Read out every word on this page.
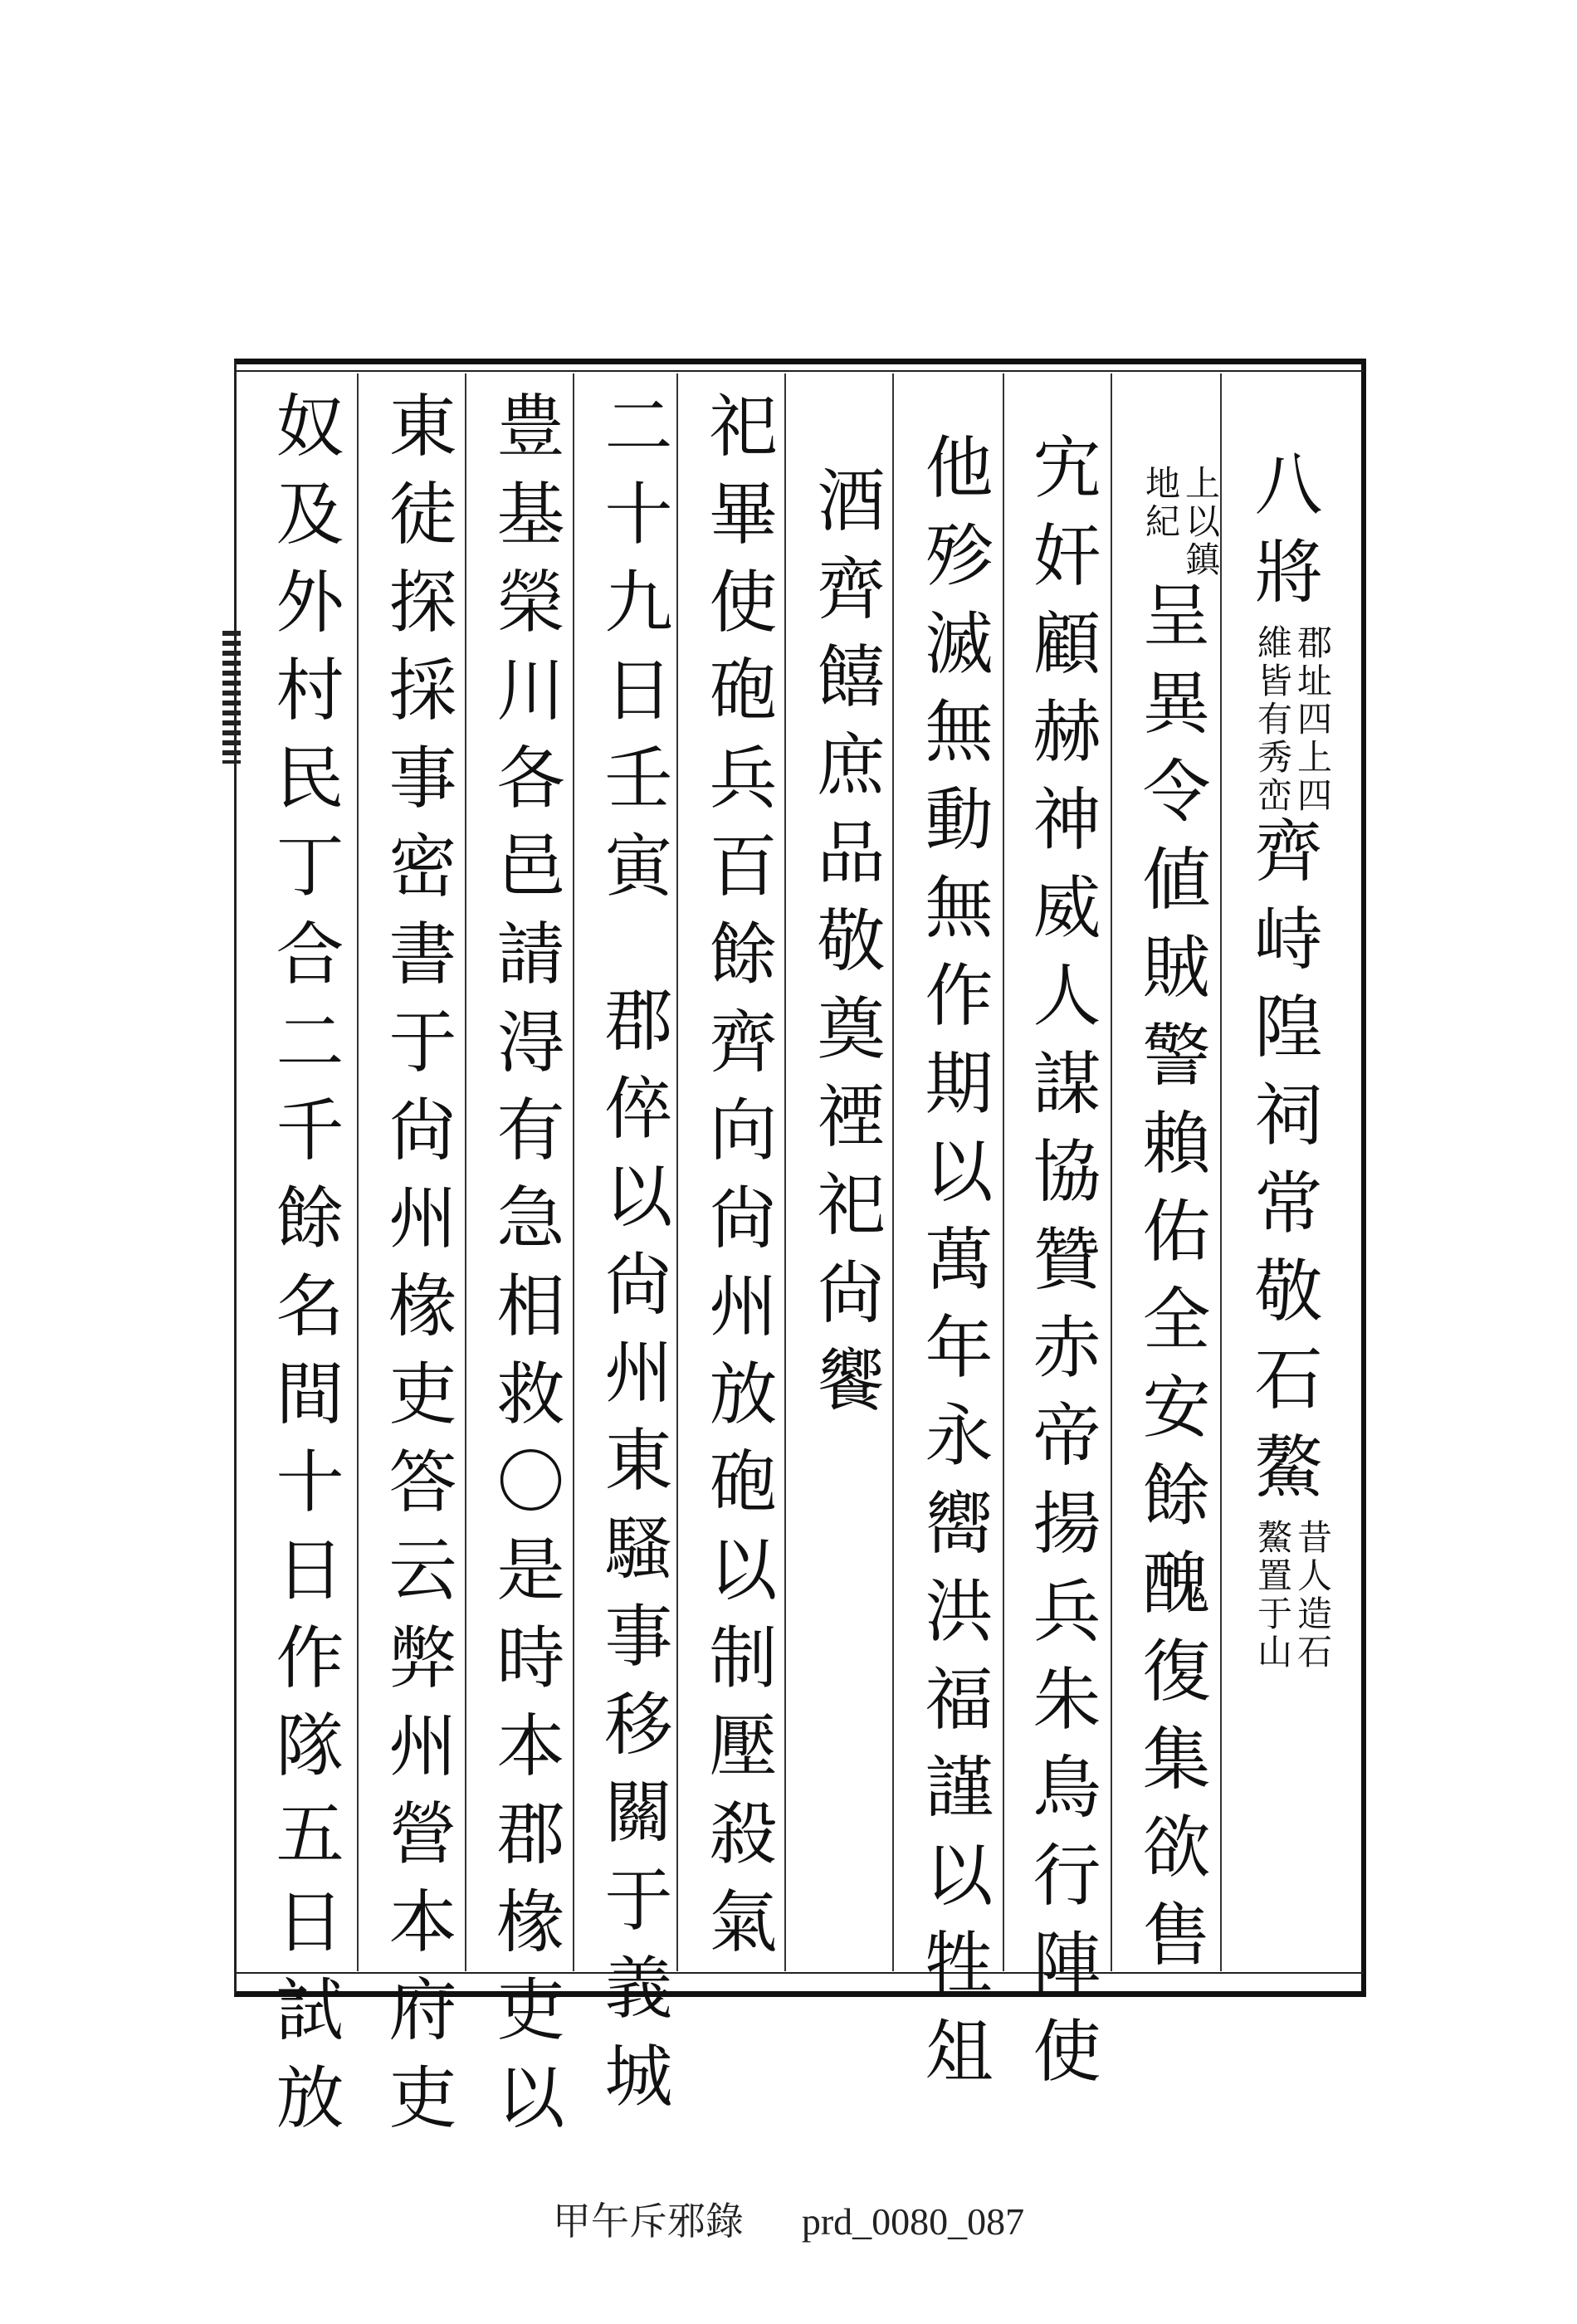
八將
郡址四上四
維皆有秀峦
齊峙隍祠常敬石鰲
昔人造石
鰲置于山
上以鎮
地紀
呈異令値賊警賴佑全安餘醜復集欲售
宄奸顧赫神威人謀協贊赤帝揚兵朱鳥行陣使
他殄滅無動無作期以萬年永嚮洪福謹以牲俎
酒齊饎庶品敬奠禋祀尙饗
祀畢使砲兵百餘齊向尙州放砲以制壓殺氣
二十九日壬寅郡倅以尙州東騷事移關于義城
豊基榮川各邑請淂有急相救〇是時本郡椽吏以
東徒探採事密書于尙州椽吏答云弊州營本府吏
奴及外村民丁合二千餘名間十日作隊五日試放
甲午斥邪錄 prd_0080_087
